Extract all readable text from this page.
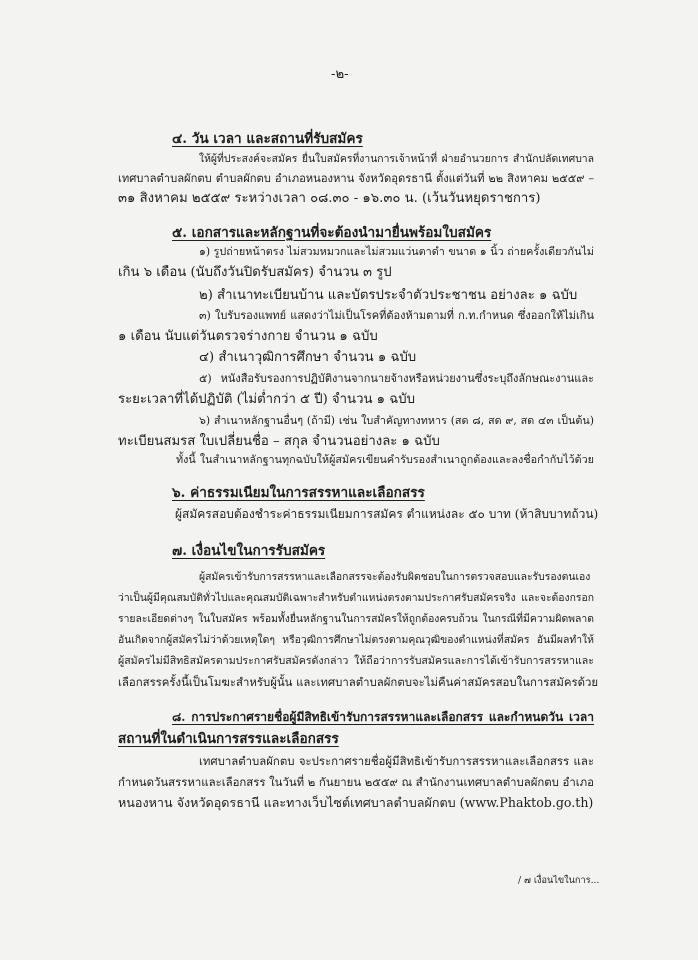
-๒-
๔. วัน เวลา และสถานที่รับสมัคร
ให้ผู้ที่ประสงค์จะสมัคร ยื่นใบสมัครที่งานการเจ้าหน้าที่ ฝ่ายอำนวยการ สำนักปลัดเทศบาล
เทศบาลตำบลผักตบ ตำบลผักตบ อำเภอหนองหาน จังหวัดอุดรธานี ตั้งแต่วันที่ ๒๒ สิงหาคม ๒๕๕๙ –
๓๑ สิงหาคม ๒๕๕๙ ระหว่างเวลา ๐๘.๓๐ - ๑๖.๓๐ น. (เว้นวันหยุดราชการ)
๕. เอกสารและหลักฐานที่จะต้องนำมายื่นพร้อมใบสมัคร
๑) รูปถ่ายหน้าตรง ไม่สวมหมวกและไม่สวมแว่นตาดำ ขนาด ๑ นิ้ว ถ่ายครั้งเดียวกันไม่
เกิน ๖ เดือน (นับถึงวันปิดรับสมัคร) จำนวน ๓ รูป
๒) สำเนาทะเบียนบ้าน และบัตรประจำตัวประชาชน อย่างละ ๑ ฉบับ
๓) ใบรับรองแพทย์ แสดงว่าไม่เป็นโรคที่ต้องห้ามตามที่ ก.ท.กำหนด ซึ่งออกให้ไม่เกิน
๑ เดือน นับแต่วันตรวจร่างกาย จำนวน ๑ ฉบับ
๔) สำเนาวุฒิการศึกษา จำนวน ๑ ฉบับ
๕) หนังสือรับรองการปฏิบัติงานจากนายจ้างหรือหน่วยงานซึ่งระบุถึงลักษณะงานและ
ระยะเวลาที่ได้ปฏิบัติ (ไม่ต่ำกว่า ๕ ปี) จำนวน ๑ ฉบับ
๖) สำเนาหลักฐานอื่นๆ (ถ้ามี) เช่น ใบสำคัญทางทหาร (สด ๘, สด ๙, สด ๔๓ เป็นต้น)
ทะเบียนสมรส ใบเปลี่ยนชื่อ – สกุล จำนวนอย่างละ ๑ ฉบับ
ทั้งนี้ ในสำเนาหลักฐานทุกฉบับให้ผู้สมัครเขียนคำรับรองสำเนาถูกต้องและลงชื่อกำกับไว้ด้วย
๖. ค่าธรรมเนียมในการสรรหาและเลือกสรร
ผู้สมัครสอบต้องชำระค่าธรรมเนียมการสมัคร ตำแหน่งละ ๕๐ บาท (ห้าสิบบาทถ้วน)
๗. เงื่อนไขในการรับสมัคร
ผู้สมัครเข้ารับการสรรหาและเลือกสรรจะต้องรับผิดชอบในการตรวจสอบและรับรองตนเอง
ว่าเป็นผู้มีคุณสมบัติทั่วไปและคุณสมบัติเฉพาะสำหรับตำแหน่งตรงตามประกาศรับสมัครจริง และจะต้องกรอก
รายละเอียดต่างๆ ในใบสมัคร พร้อมทั้งยื่นหลักฐานในการสมัครให้ถูกต้องครบถ้วน ในกรณีที่มีความผิดพลาด
อันเกิดจากผู้สมัครไม่ว่าด้วยเหตุใดๆ หรือวุฒิการศึกษาไม่ตรงตามคุณวุฒิของตำแหน่งที่สมัคร อันมีผลทำให้
ผู้สมัครไม่มีสิทธิสมัครตามประกาศรับสมัครดังกล่าว ให้ถือว่าการรับสมัครและการได้เข้ารับการสรรหาและ
เลือกสรรครั้งนี้เป็นโมฆะสำหรับผู้นั้น และเทศบาลตำบลผักตบจะไม่คืนค่าสมัครสอบในการสมัครด้วย
๘. การประกาศรายชื่อผู้มีสิทธิเข้ารับการสรรหาและเลือกสรร และกำหนดวัน เวลา
สถานที่ในดำเนินการสรรและเลือกสรร
เทศบาลตำบลผักตบ จะประกาศรายชื่อผู้มีสิทธิเข้ารับการสรรหาและเลือกสรร และ
กำหนดวันสรรหาและเลือกสรร ในวันที่ ๒ กันยายน ๒๕๕๙ ณ สำนักงานเทศบาลตำบลผักตบ อำเภอ
หนองหาน จังหวัดอุดรธานี และทางเว็บไซต์เทศบาลตำบลผักตบ (www.Phaktob.go.th)
/ ๗ เงื่อนไขในการ...
